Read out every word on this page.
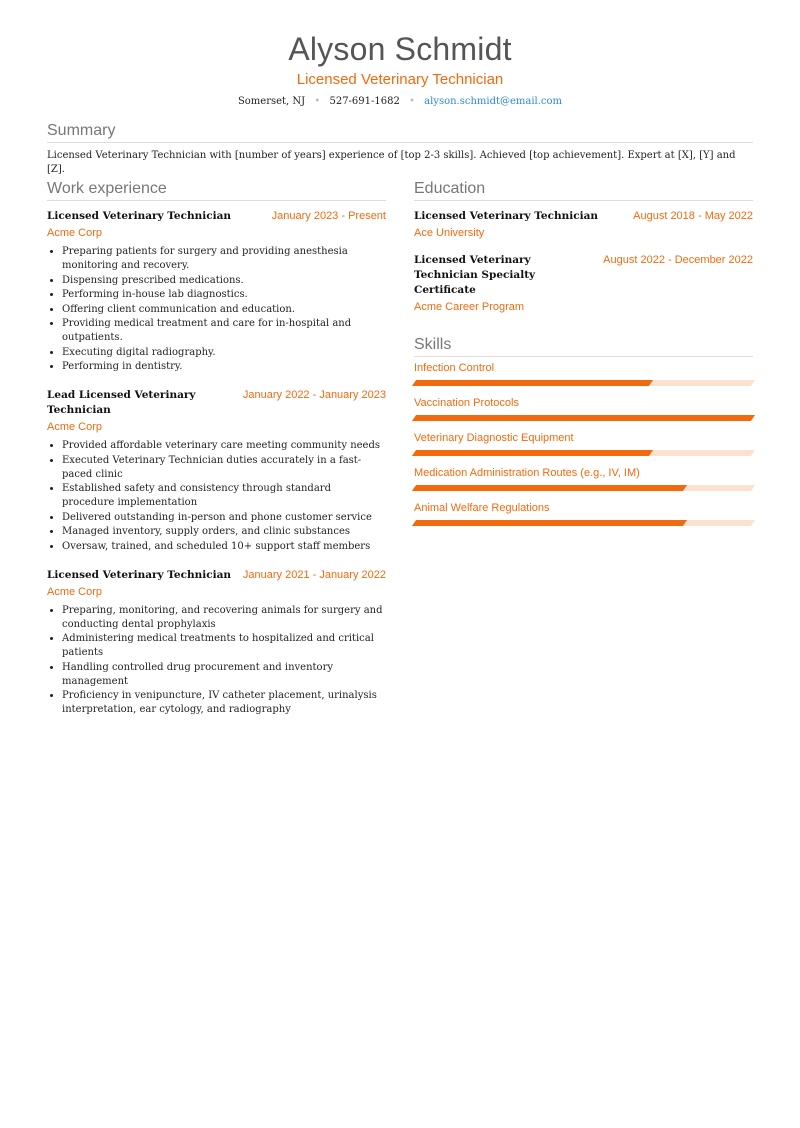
Alyson Schmidt
Licensed Veterinary Technician
Somerset, NJ • 527-691-1682 • alyson.schmidt@email.com
Summary

Licensed Veterinary Technician with [number of years] experience of [top 2-3 skills]. Achieved [top achievement]. Expert at [X], [Y] and [Z].

Work experience
Licensed Veterinary Technician	January 2023 - Present
Acme Corp
• Preparing patients for surgery and providing anesthesia monitoring and recovery.
• Dispensing prescribed medications.
• Performing in-house lab diagnostics.
• Offering client communication and education.
• Providing medical treatment and care for in-hospital and outpatients.
• Executing digital radiography.
• Performing in dentistry.
Lead Licensed Veterinary Technician
January 2022 - January 2023
Acme Corp
• Provided affordable veterinary care meeting community needs
• Executed Veterinary Technician duties accurately in a fast-paced clinic
• Established safety and consistency through standard procedure implementation
• Delivered outstanding in-person and phone customer service
• Managed inventory, supply orders, and clinic substances
• Oversaw, trained, and scheduled 10+ support staff members
Licensed Veterinary Technician January 2021 - January 2022
Acme Corp
• Preparing, monitoring, and recovering animals for surgery and conducting dental prophylaxis
• Administering medical treatments to hospitalized and critical patients
• Handling controlled drug procurement and inventory management
• Proficiency in venipuncture, IV catheter placement, urinalysis interpretation, ear cytology, and radiography
Education
Licensed Veterinary Technician	August 2018 - May 2022
Ace University
Licensed Veterinary Technician Specialty Certificate
August 2022 - December 2022
Acme Career Program
Skills
Infection Control
Vaccination Protocols
Veterinary Diagnostic Equipment
Medication Administration Routes (e.g., IV, IM)
Animal Welfare Regulations
